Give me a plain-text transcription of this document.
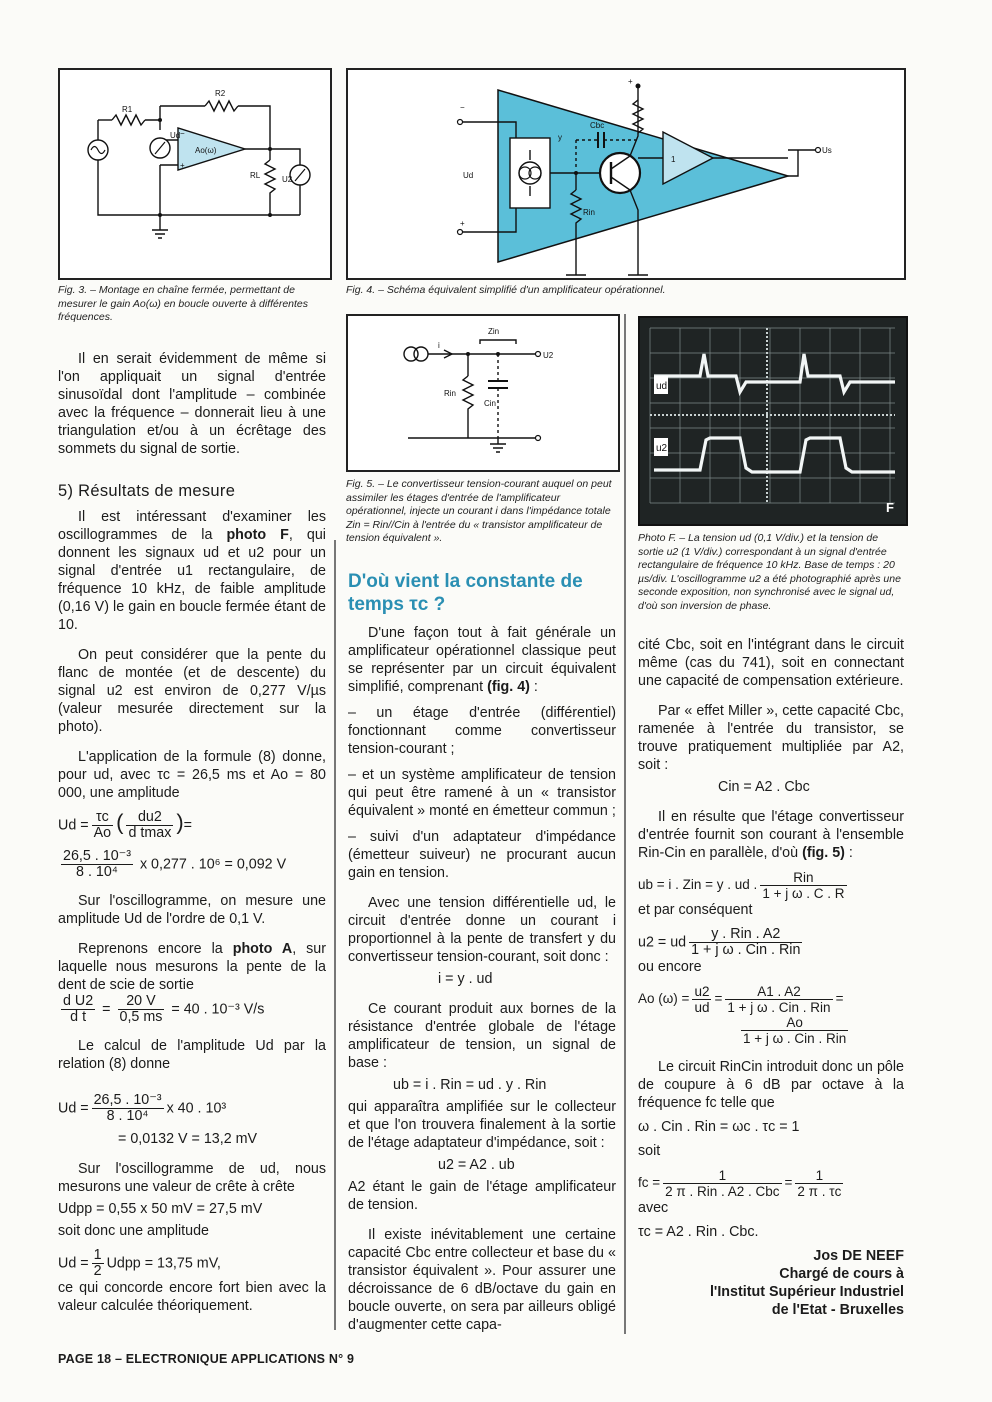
R1
R2
Ud
Ao(ω)
−
+
RL	U2
Fig. 3. – Montage en chaîne fermée, permettant de mesurer le gain Ao(ω) en boucle ouverte à différentes fréquences.
−
+
Ud
y
Cbc
Rin
1
Us
+
Fig. 4. – Schéma équivalent simplifié d'un amplificateur opérationnel.
Zin
i
U2
Rin
Cin
Fig. 5. – Le convertisseur tension-courant auquel on peut assimiler les étages d'entrée de l'amplificateur opérationnel, injecte un courant i dans l'impédance totale Zin = Rin//Cin à l'entrée du « transistor amplificateur de tension équivalent ».
ud
u2
F
Photo F. – La tension ud (0,1 V/div.) et la tension de sortie u2 (1 V/div.) correspondant à un signal d'entrée rectangulaire de fréquence 10 kHz. Base de temps : 20 µs/div. L'oscillogramme u2 a été photographié après une seconde exposition, non synchronisé avec le signal ud, d'où son inversion de phase.

Il en serait évidemment de même si l'on appliquait un signal d'entrée sinusoïdal dont l'amplitude – combinée avec la fréquence – donnerait lieu à une triangulation et/ou à un écrêtage des sommets du signal de sortie.

5) Résultats de mesure

Il est intéressant d'examiner les oscillogrammes de la photo F, qui donnent les signaux ud et u2 pour un signal d'entrée u1 rectangulaire, de fréquence 10 kHz, de faible amplitude (0,16 V) le gain en boucle fermée étant de 10.

On peut considérer que la pente du flanc de montée (et de descente) du signal u2 est environ de 0,277 V/µs (valeur mesurée directement sur la photo).

L'application de la formule (8) donne, pour ud, avec τc = 26,5 ms et Ao = 80 000, une amplitude

$Ud = \frac{\tau c}{Ao}$ ( $\frac{du2}{\text{d tmax}}$ )=

$\frac{\text{26,5 . 10⁻³}}{\text{8 . 10⁴}}$ x 0,277 . 10⁶ = 0,092 V

Sur l'oscillogramme, on mesure une amplitude Ud de l'ordre de 0,1 V.

Reprenons encore la photo A, sur laquelle nous mesurons la pente de la dent de scie de sortie

$\frac{\text{d U2}}{\text{d t}} = \frac{20 V}{0,5 ms} = 40$ . 10⁻³ V/s

Le calcul de l'amplitude Ud par la relation (8) donne

$Ud = \frac{\text{26,5 . 10⁻³}}{\text{8 . 10⁴}}$ x 40 . 10³

= 0,0132 V = 13,2 mV

Sur l'oscillogramme de ud, nous mesurons une valeur de crête à crête

Udpp = 0,55 x 50 mV = 27,5 mV

soit donc une amplitude

$Ud = \frac{1}{2}$ Udpp = 13,75 mV,

ce qui concorde encore fort bien avec la valeur calculée théoriquement.

D'où vient la constante de temps τc ?

D'une façon tout à fait générale un amplificateur opérationnel classique peut se représenter par un circuit équivalent simplifié, comprenant (fig. 4) :

– un étage d'entrée (différentiel) fonctionnant comme convertisseur tension-courant ;

– et un système amplificateur de tension qui peut être ramené à un « transistor équivalent » monté en émetteur commun ;

– suivi d'un adaptateur d'impédance (émetteur suiveur) ne procurant aucun gain en tension.

Avec une tension différentielle ud, le circuit d'entrée donne un courant i proportionnel à la pente de transfert y du convertisseur tension-courant, soit donc :

i = y . ud

Ce courant produit aux bornes de la résistance d'entrée globale de l'étage amplificateur de tension, un signal de base :

ub = i . Rin = ud . y . Rin

qui apparaîtra amplifiée sur le collecteur et que l'on trouvera finalement à la sortie de l'étage adaptateur d'impédance, soit :

u2 = A2 . ub

A2 étant le gain de l'étage amplificateur de tension.

Il existe inévitablement une certaine capacité Cbc entre collecteur et base du « transistor équivalent ». Pour assurer une décroissance de 6 dB/octave du gain en boucle ouverte, on sera par ailleurs obligé d'augmenter cette capa-

cité Cbc, soit en l'intégrant dans le circuit même (cas du 741), soit en connectant une capacité de compensation extérieure.

Par « effet Miller », cette capacité Cbc, ramenée à l'entrée du transistor, se trouve pratiquement multipliée par A2, soit :

Cin = A2 . Cbc

Il en résulte que l'étage convertisseur d'entrée fournit son courant à l'ensemble Rin-Cin en parallèle, d'où (fig. 5) :

ub = i . Zin = y . ud . $\frac{\text{Rin}}{\text{1 + j ω . C . R}}$

et par conséquent

u2 = ud $\frac{\text{y . Rin . A2}}{\text{1 + j ω . Cin . Rin}}$

ou encore

Ao $(\omega) = \frac{u2}{ud} = \frac{A1 . A2}{\text{1 + j ω . Cin . Rin}}$ =

$\frac{Ao}{\text{1 + j ω . Cin . Rin}}$

Le circuit RinCin introduit donc un pôle de coupure à 6 dB par octave à la fréquence fc telle que

ω . Cin . Rin = ωc . τc = 1

soit

fc = $\frac{1}{\text{2 π . Rin . A2 . Cbc}} = \frac{1}{2 \pi . \tau c}$

avec

τc = A2 . Rin . Cbc.

Jos DE NEEF

Chargé de cours à

l'Institut Supérieur Industriel

de l'Etat - Bruxelles

PAGE 18 – ELECTRONIQUE APPLICATIONS N° 9
